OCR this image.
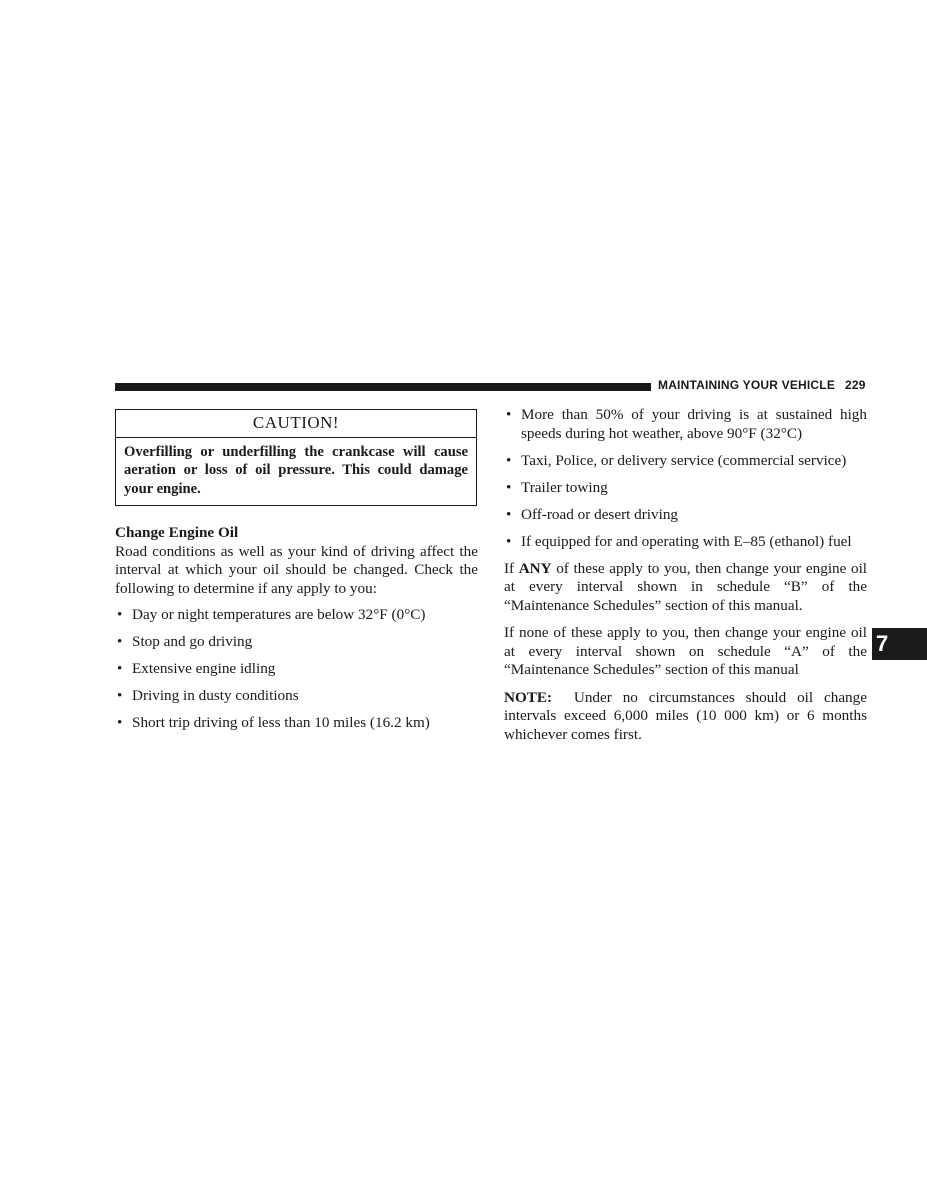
MAINTAINING YOUR VEHICLE 229
CAUTION!
Overfilling or underfilling the crankcase will cause aeration or loss of oil pressure. This could damage your engine.
Change Engine Oil
Road conditions as well as your kind of driving affect the interval at which your oil should be changed. Check the following to determine if any apply to you:
• Day or night temperatures are below 32°F (0°C)
• Stop and go driving
• Extensive engine idling
• Driving in dusty conditions
• Short trip driving of less than 10 miles (16.2 km)
• More than 50% of your driving is at sustained high speeds during hot weather, above 90°F (32°C)
• Taxi, Police, or delivery service (commercial service)
• Trailer towing
• Off-road or desert driving
• If equipped for and operating with E–85 (ethanol) fuel
If ANY of these apply to you, then change your engine oil at every interval shown in schedule “B” of the “Maintenance Schedules” section of this manual.
If none of these apply to you, then change your engine oil at every interval shown on schedule “A” of the “Maintenance Schedules” section of this manual
NOTE:  Under no circumstances should oil change intervals exceed 6,000 miles (10 000 km) or 6 months whichever comes first.
7
